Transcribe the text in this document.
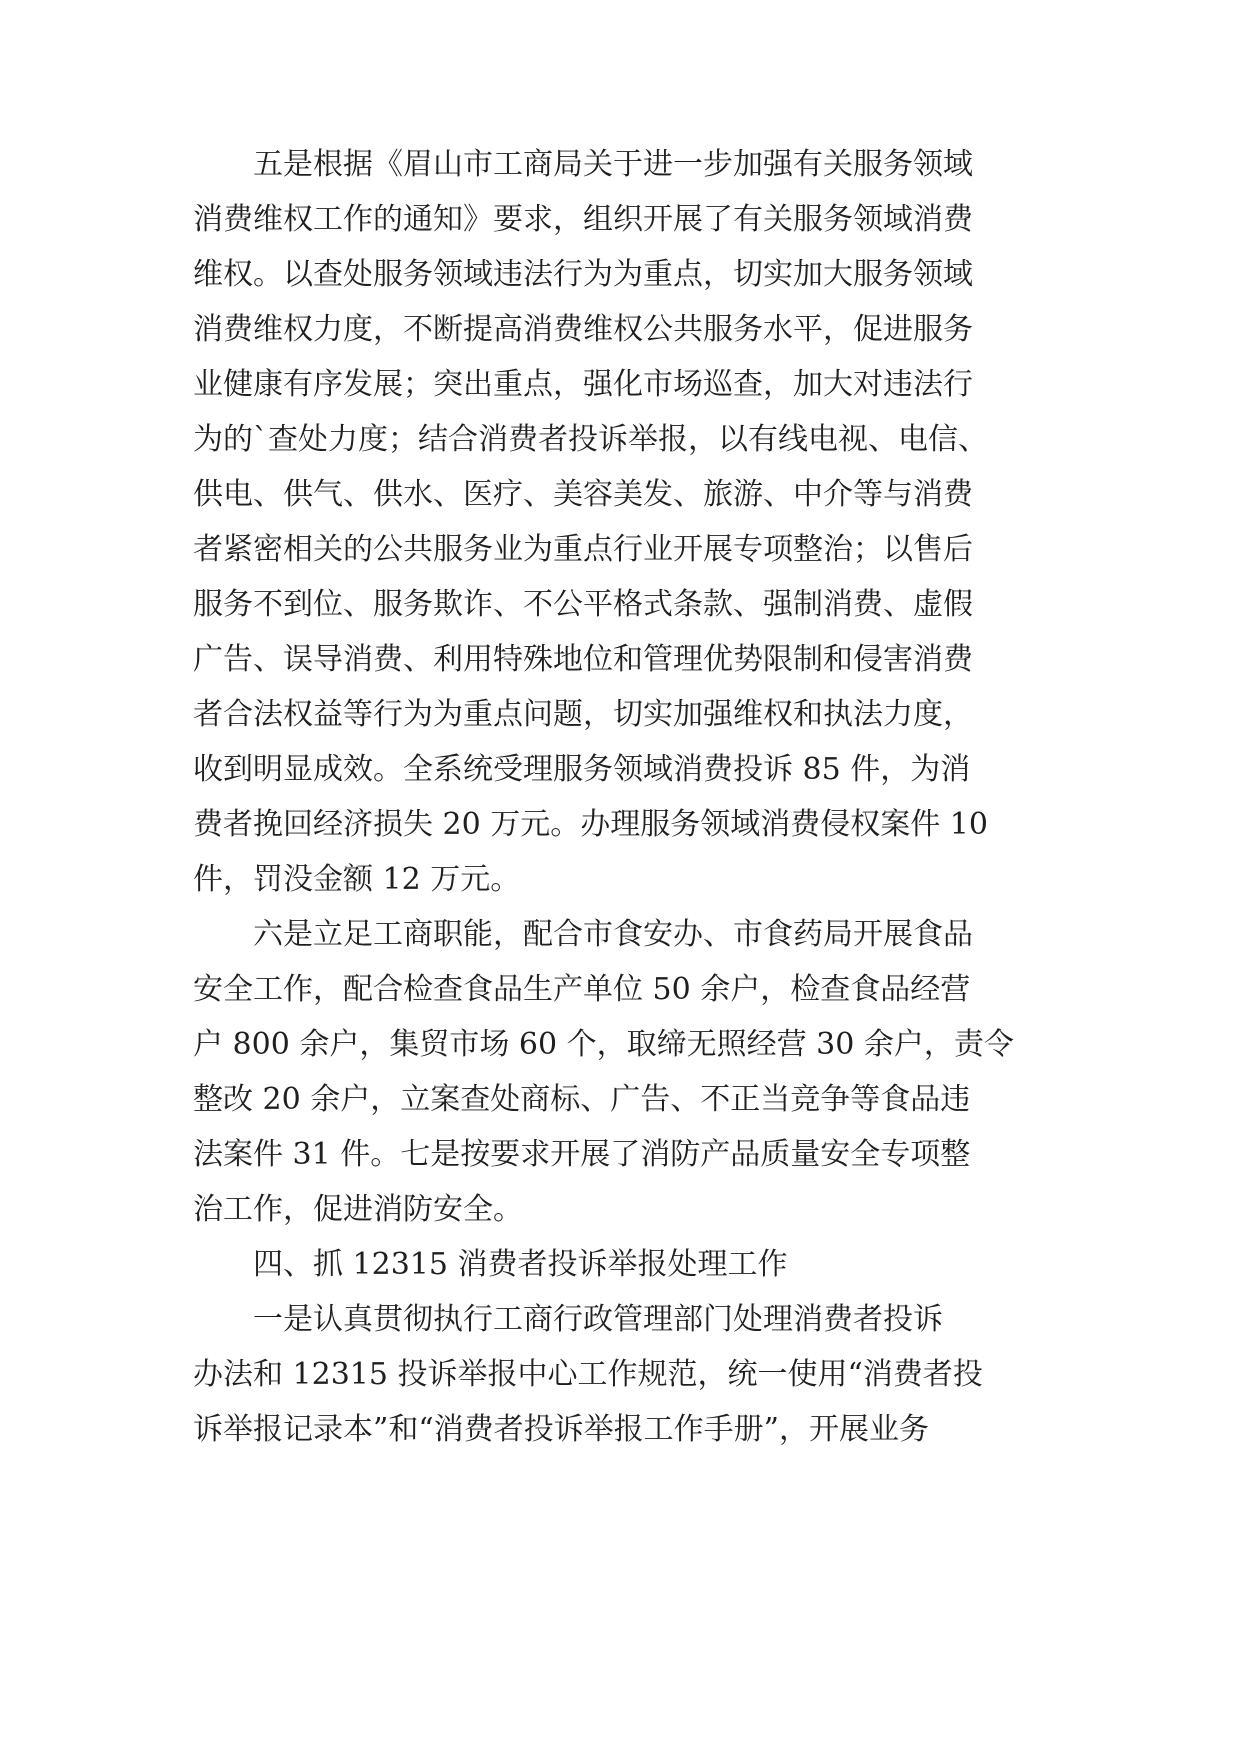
五是根据《眉山市工商局关于进一步加强有关服务领域
消费维权工作的通知》要求，组织开展了有关服务领域消费
维权。以查处服务领域违法行为为重点，切实加大服务领域
消费维权力度，不断提高消费维权公共服务水平，促进服务
业健康有序发展；突出重点，强化市场巡查，加大对违法行
为的`查处力度；结合消费者投诉举报，以有线电视、电信、
供电、供气、供水、医疗、美容美发、旅游、中介等与消费
者紧密相关的公共服务业为重点行业开展专项整治；以售后
服务不到位、服务欺诈、不公平格式条款、强制消费、虚假
广告、误导消费、利用特殊地位和管理优势限制和侵害消费
者合法权益等行为为重点问题，切实加强维权和执法力度，
收到明显成效。全系统受理服务领域消费投诉 85 件，为消
费者挽回经济损失 20 万元。办理服务领域消费侵权案件 10
件，罚没金额 12 万元。
六是立足工商职能，配合市食安办、市食药局开展食品
安全工作，配合检查食品生产单位 50 余户，检查食品经营
户 800 余户，集贸市场 60 个，取缔无照经营 30 余户，责令
整改 20 余户，立案查处商标、广告、不正当竞争等食品违
法案件 31 件。七是按要求开展了消防产品质量安全专项整
治工作，促进消防安全。
四、抓 12315 消费者投诉举报处理工作
一是认真贯彻执行工商行政管理部门处理消费者投诉
办法和 12315 投诉举报中心工作规范，统一使用“消费者投
诉举报记录本”和“消费者投诉举报工作手册”，开展业务
